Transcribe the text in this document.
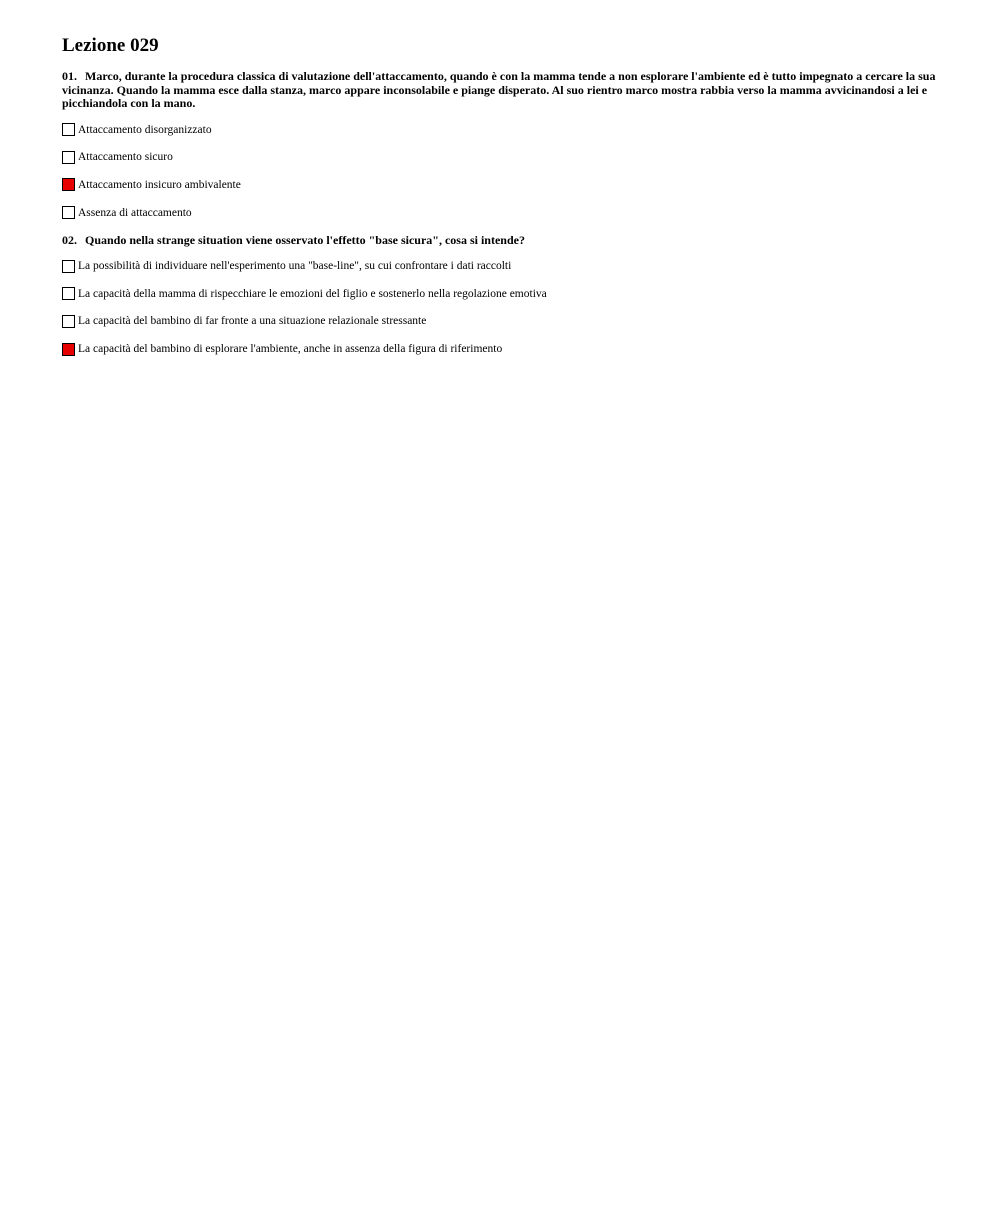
Lezione 029

01. Marco, durante la procedura classica di valutazione dell'attaccamento, quando è con la mamma tende a non esplorare l'ambiente ed è tutto impegnato a cercare la sua vicinanza. Quando la mamma esce dalla stanza, marco appare inconsolabile e piange disperato. Al suo rientro marco mostra rabbia verso la mamma avvicinandosi a lei e picchiandola con la mano.

Attaccamento disorganizzato
Attaccamento sicuro
Attaccamento insicuro ambivalente
Assenza di attaccamento

02. Quando nella strange situation viene osservato l'effetto "base sicura", cosa si intende?

La possibilità di individuare nell'esperimento una "base-line", su cui confrontare i dati raccolti
La capacità della mamma di rispecchiare le emozioni del figlio e sostenerlo nella regolazione emotiva
La capacità del bambino di far fronte a una situazione relazionale stressante
La capacità del bambino di esplorare l'ambiente, anche in assenza della figura di riferimento
